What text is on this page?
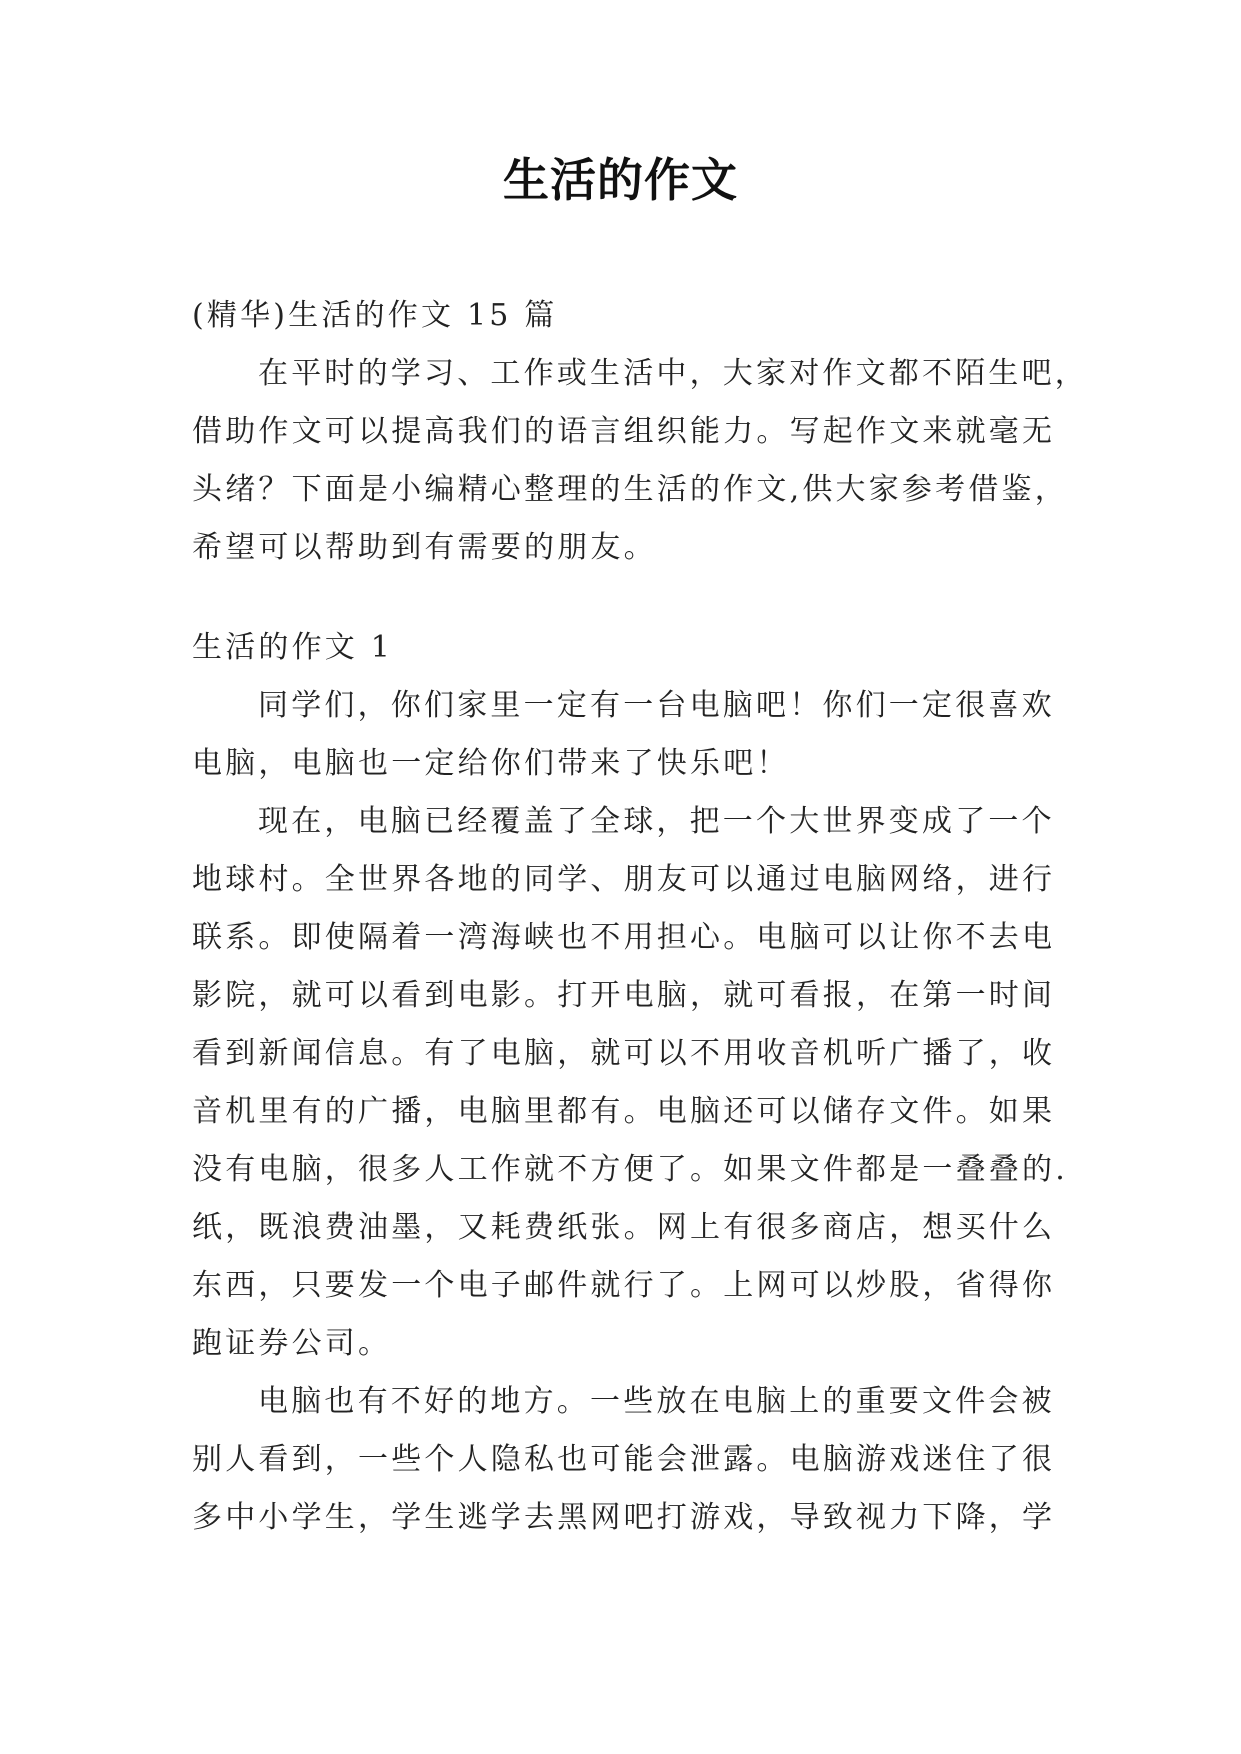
生活的作文

(精华)生活的作文 15 篇

在平时的学习、工作或生活中，大家对作文都不陌生吧，

借助作文可以提高我们的语言组织能力。写起作文来就毫无

头绪？下面是小编精心整理的生活的作文,供大家参考借鉴，

希望可以帮助到有需要的朋友。

生活的作文 1

同学们，你们家里一定有一台电脑吧！你们一定很喜欢

电脑，电脑也一定给你们带来了快乐吧！

现在，电脑已经覆盖了全球，把一个大世界变成了一个

地球村。全世界各地的同学、朋友可以通过电脑网络，进行

联系。即使隔着一湾海峡也不用担心。电脑可以让你不去电

影院，就可以看到电影。打开电脑，就可看报，在第一时间

看到新闻信息。有了电脑，就可以不用收音机听广播了，收

音机里有的广播，电脑里都有。电脑还可以储存文件。如果

没有电脑，很多人工作就不方便了。如果文件都是一叠叠的.

纸，既浪费油墨，又耗费纸张。网上有很多商店，想买什么

东西，只要发一个电子邮件就行了。上网可以炒股，省得你

跑证券公司。

电脑也有不好的地方。一些放在电脑上的重要文件会被

别人看到，一些个人隐私也可能会泄露。电脑游戏迷住了很

多中小学生，学生逃学去黑网吧打游戏，导致视力下降，学
